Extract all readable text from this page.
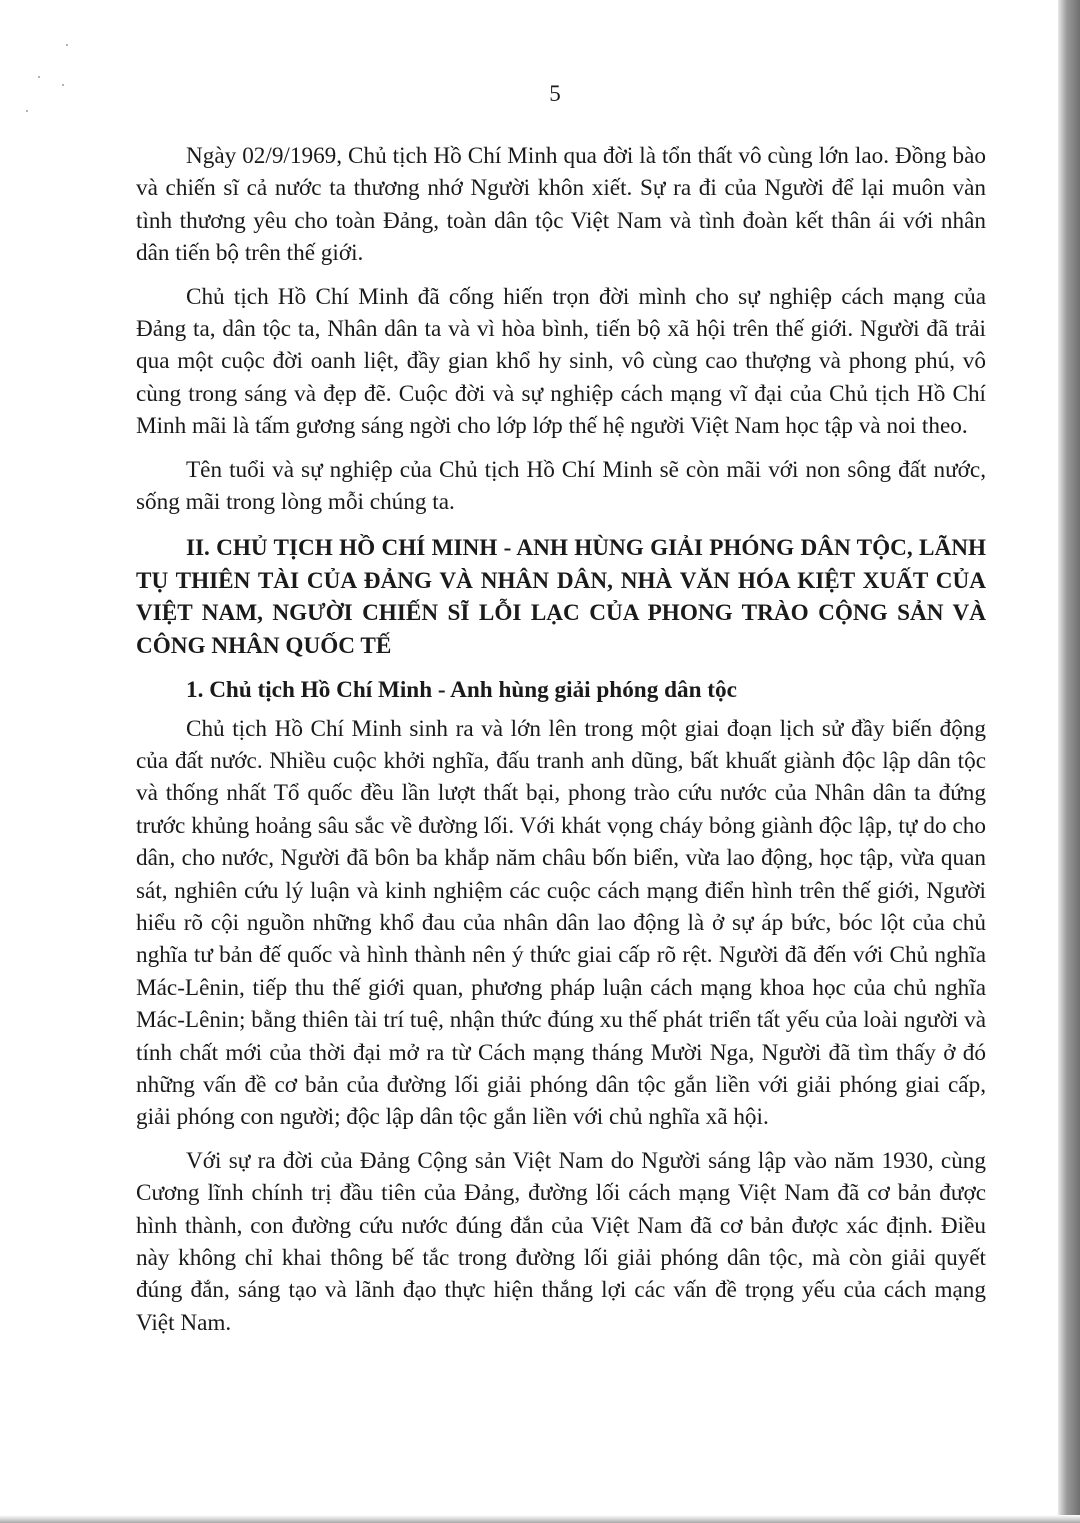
5

Ngày 02/9/1969, Chủ tịch Hồ Chí Minh qua đời là tổn thất vô cùng lớn lao. Đồng bào và chiến sĩ cả nước ta thương nhớ Người khôn xiết. Sự ra đi của Người để lại muôn vàn tình thương yêu cho toàn Đảng, toàn dân tộc Việt Nam và tình đoàn kết thân ái với nhân dân tiến bộ trên thế giới.

Chủ tịch Hồ Chí Minh đã cống hiến trọn đời mình cho sự nghiệp cách mạng của Đảng ta, dân tộc ta, Nhân dân ta và vì hòa bình, tiến bộ xã hội trên thế giới. Người đã trải qua một cuộc đời oanh liệt, đầy gian khổ hy sinh, vô cùng cao thượng và phong phú, vô cùng trong sáng và đẹp đẽ. Cuộc đời và sự nghiệp cách mạng vĩ đại của Chủ tịch Hồ Chí Minh mãi là tấm gương sáng ngời cho lớp lớp thế hệ người Việt Nam học tập và noi theo.

Tên tuổi và sự nghiệp của Chủ tịch Hồ Chí Minh sẽ còn mãi với non sông đất nước, sống mãi trong lòng mỗi chúng ta.

II. CHỦ TỊCH HỒ CHÍ MINH - ANH HÙNG GIẢI PHÓNG DÂN TỘC, LÃNH TỤ THIÊN TÀI CỦA ĐẢNG VÀ NHÂN DÂN, NHÀ VĂN HÓA KIỆT XUẤT CỦA VIỆT NAM, NGƯỜI CHIẾN SĨ LỖI LẠC CỦA PHONG TRÀO CỘNG SẢN VÀ CÔNG NHÂN QUỐC TẾ

1. Chủ tịch Hồ Chí Minh - Anh hùng giải phóng dân tộc

Chủ tịch Hồ Chí Minh sinh ra và lớn lên trong một giai đoạn lịch sử đầy biến động của đất nước. Nhiều cuộc khởi nghĩa, đấu tranh anh dũng, bất khuất giành độc lập dân tộc và thống nhất Tổ quốc đều lần lượt thất bại, phong trào cứu nước của Nhân dân ta đứng trước khủng hoảng sâu sắc về đường lối. Với khát vọng cháy bỏng giành độc lập, tự do cho dân, cho nước, Người đã bôn ba khắp năm châu bốn biển, vừa lao động, học tập, vừa quan sát, nghiên cứu lý luận và kinh nghiệm các cuộc cách mạng điển hình trên thế giới, Người hiểu rõ cội nguồn những khổ đau của nhân dân lao động là ở sự áp bức, bóc lột của chủ nghĩa tư bản đế quốc và hình thành nên ý thức giai cấp rõ rệt. Người đã đến với Chủ nghĩa Mác-Lênin, tiếp thu thế giới quan, phương pháp luận cách mạng khoa học của chủ nghĩa Mác-Lênin; bằng thiên tài trí tuệ, nhận thức đúng xu thế phát triển tất yếu của loài người và tính chất mới của thời đại mở ra từ Cách mạng tháng Mười Nga, Người đã tìm thấy ở đó những vấn đề cơ bản của đường lối giải phóng dân tộc gắn liền với giải phóng giai cấp, giải phóng con người; độc lập dân tộc gắn liền với chủ nghĩa xã hội.

Với sự ra đời của Đảng Cộng sản Việt Nam do Người sáng lập vào năm 1930, cùng Cương lĩnh chính trị đầu tiên của Đảng, đường lối cách mạng Việt Nam đã cơ bản được hình thành, con đường cứu nước đúng đắn của Việt Nam đã cơ bản được xác định. Điều này không chỉ khai thông bế tắc trong đường lối giải phóng dân tộc, mà còn giải quyết đúng đắn, sáng tạo và lãnh đạo thực hiện thắng lợi các vấn đề trọng yếu của cách mạng Việt Nam.
